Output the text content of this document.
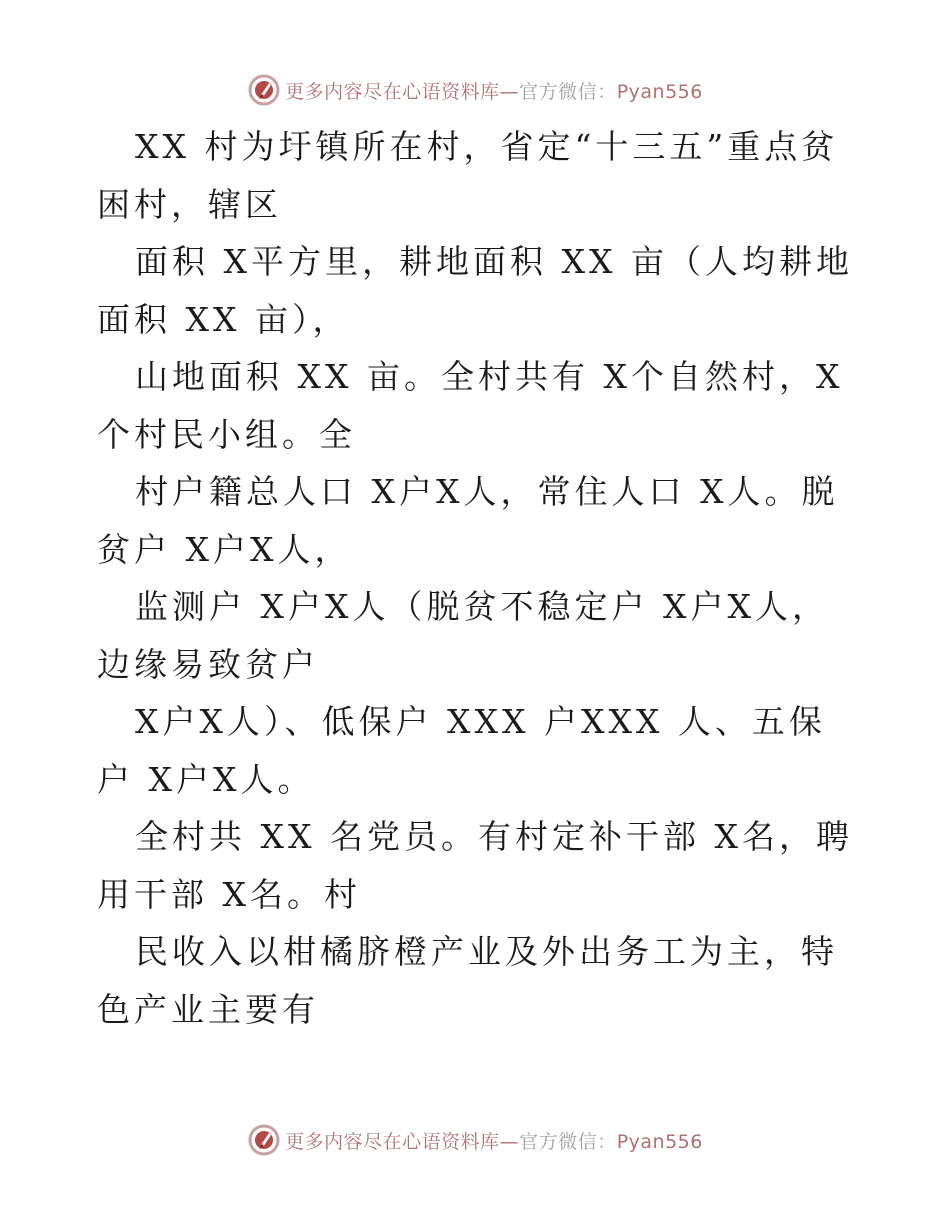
更多内容尽在心语资料库—官方微信：Pyan556

XX 村为圩镇所在村，省定“十三五”重点贫困村，辖区

面积 X平方里，耕地面积 XX 亩（人均耕地面积 XX 亩），

山地面积 XX 亩。全村共有 X个自然村，X个村民小组。全

村户籍总人口 X户X人，常住人口 X人。脱贫户 X户X人，

监测户 X户X人（脱贫不稳定户 X户X人，边缘易致贫户

X户X人）、低保户 XXX 户XXX 人、五保户 X户X人。

全村共 XX 名党员。有村定补干部 X名，聘用干部 X名。村

民收入以柑橘脐橙产业及外出务工为主，特色产业主要有

更多内容尽在心语资料库—官方微信：Pyan556
